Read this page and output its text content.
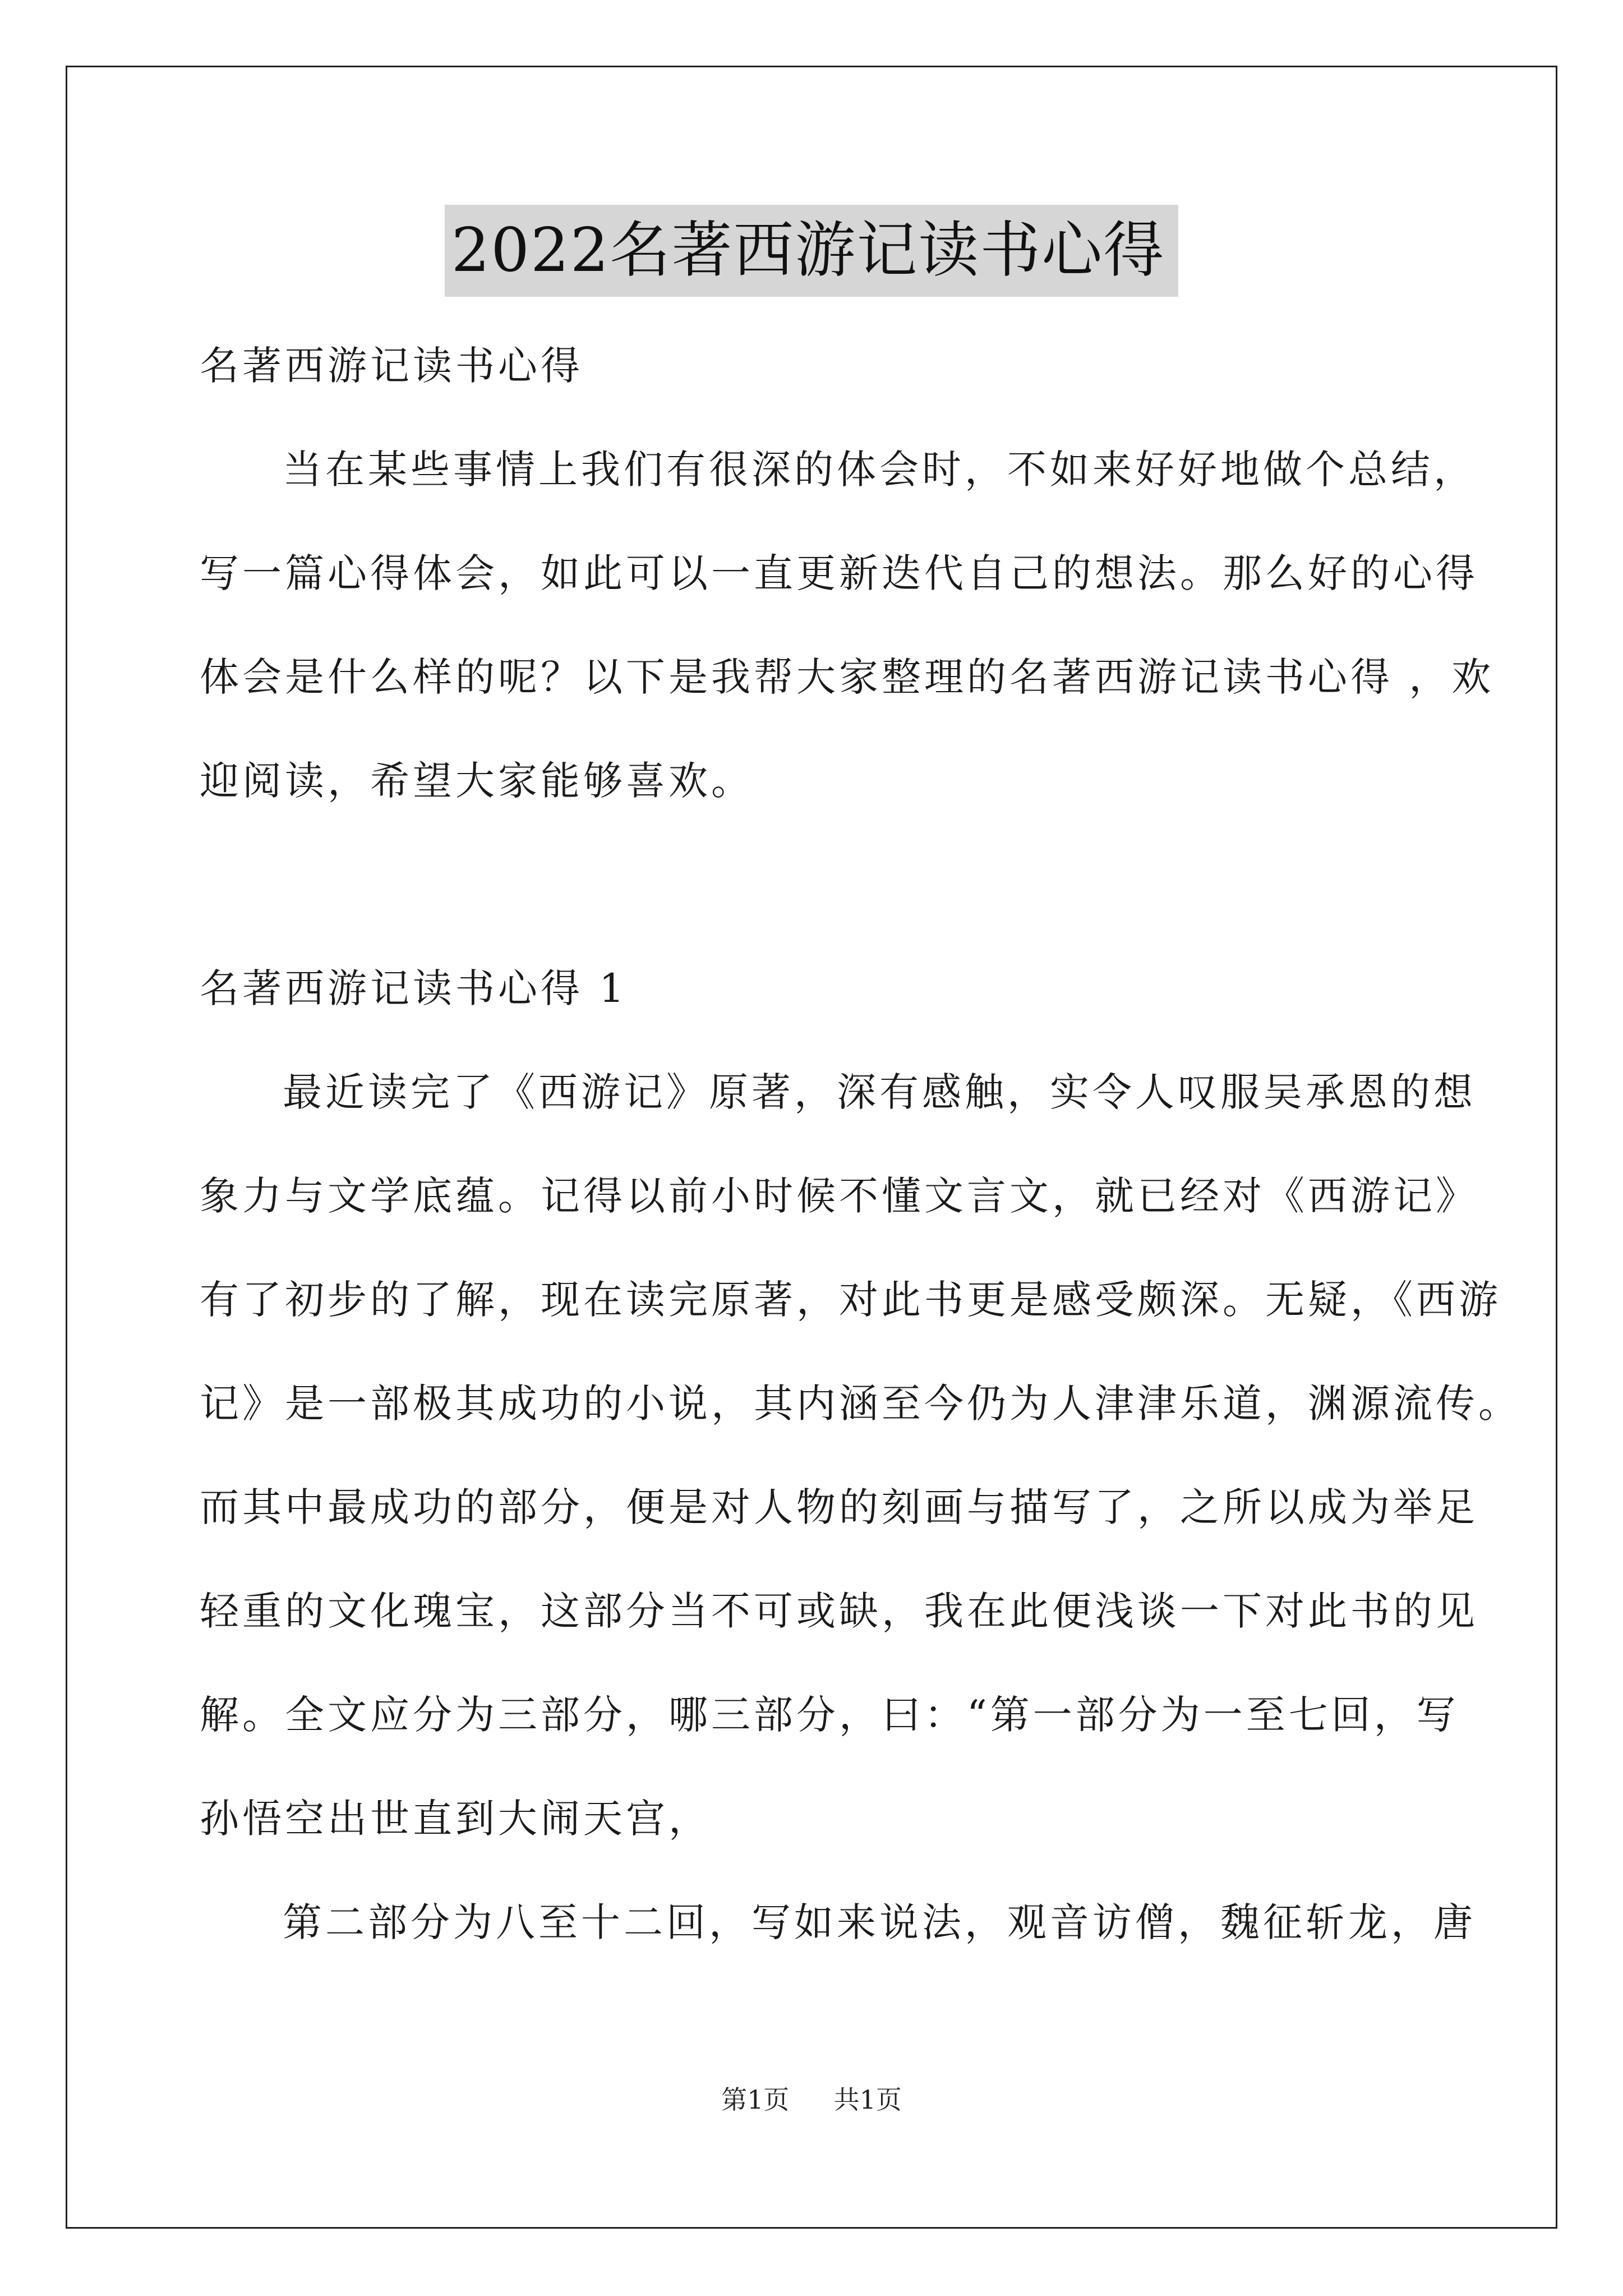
2022名著西游记读书心得
名著西游记读书心得
当在某些事情上我们有很深的体会时，不如来好好地做个总结，
写一篇心得体会，如此可以一直更新迭代自己的想法。那么好的心得
体会是什么样的呢？以下是我帮大家整理的名著西游记读书心得 ，欢
迎阅读，希望大家能够喜欢。
名著西游记读书心得 1
最近读完了《西游记》原著，深有感触，实令人叹服吴承恩的想
象力与文学底蕴。记得以前小时候不懂文言文，就已经对《西游记》
有了初步的了解，现在读完原著，对此书更是感受颇深。无疑，《西游
记》是一部极其成功的小说，其内涵至今仍为人津津乐道，渊源流传。
而其中最成功的部分，便是对人物的刻画与描写了，之所以成为举足
轻重的文化瑰宝，这部分当不可或缺，我在此便浅谈一下对此书的见
解。全文应分为三部分，哪三部分，曰：“第一部分为一至七回，写
孙悟空出世直到大闹天宫，
第二部分为八至十二回，写如来说法，观音访僧，魏征斩龙，唐
第1页 共1页
